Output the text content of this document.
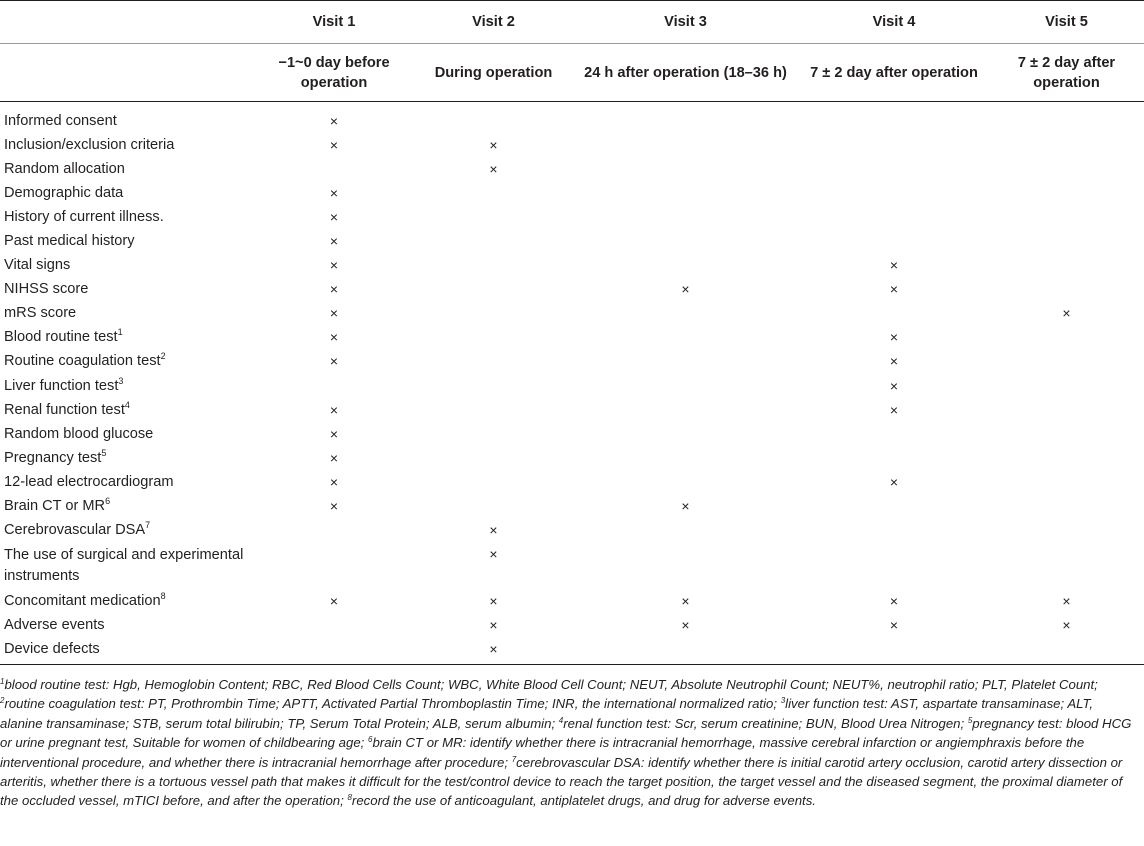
	Visit 1	Visit 2	Visit 3	Visit 4	Visit 5
	−1~0 day before operation	During operation	24 h after operation (18–36 h)	7 ± 2 day after operation	7 ± 2 day after operation

Informed consent	×				
Inclusion/exclusion criteria	×	×			
Random allocation		×			
Demographic data	×				
History of current illness.	×				
Past medical history	×				
Vital signs	×			×	
NIHSS score	×		×	×	
mRS score	×				×
Blood routine test$^1$	×			×	
Routine coagulation test$^2$	×			×	
Liver function test$^3$				×	
Renal function test$^4$	×			×	
Random blood glucose	×				
Pregnancy test$^5$	×				
12-lead electrocardiogram	×			×	
Brain CT or $MR^6$	×		×		
Cerebrovascular DSA$^7$		×			
The use of surgical and experimental instruments		×			
Concomitant medication$^8$	×	×	×	×	×
Adverse events		×	×	×	×
Device defects		×			
$^1$blood routine test: Hgb, Hemoglobin Content; RBC, Red Blood Cells Count; WBC, White Blood Cell Count; NEUT, Absolute Neutrophil Count; NEUT%, neutrophil ratio; PLT, Platelet Count; $^2$routine coagulation test: PT, Prothrombin Time; APTT, Activated Partial Thromboplastin Time; INR, the international normalized ratio; $^3$liver function test: AST, aspartate transaminase; ALT, alanine transaminase; STB, serum total bilirubin; TP, Serum Total Protein; ALB, serum albumin; $^4$renal function test: Scr, serum creatinine; BUN, Blood Urea Nitrogen; $^5$pregnancy test: blood HCG or urine pregnant test, Suitable for women of childbearing age; $^6$brain CT or MR: identify whether there is intracranial hemorrhage, massive cerebral infarction or angiemphraxis before the interventional procedure, and whether there is intracranial hemorrhage after procedure; $^7$cerebrovascular DSA: identify whether there is initial carotid artery occlusion, carotid artery dissection or arteritis, whether there is a tortuous vessel path that makes it difficult for the test/control device to reach the target position, the target vessel and the diseased segment, the proximal diameter of the occluded vessel, mTICI before, and after the operation; $^8$record the use of anticoagulant, antiplatelet drugs, and drug for adverse events.
